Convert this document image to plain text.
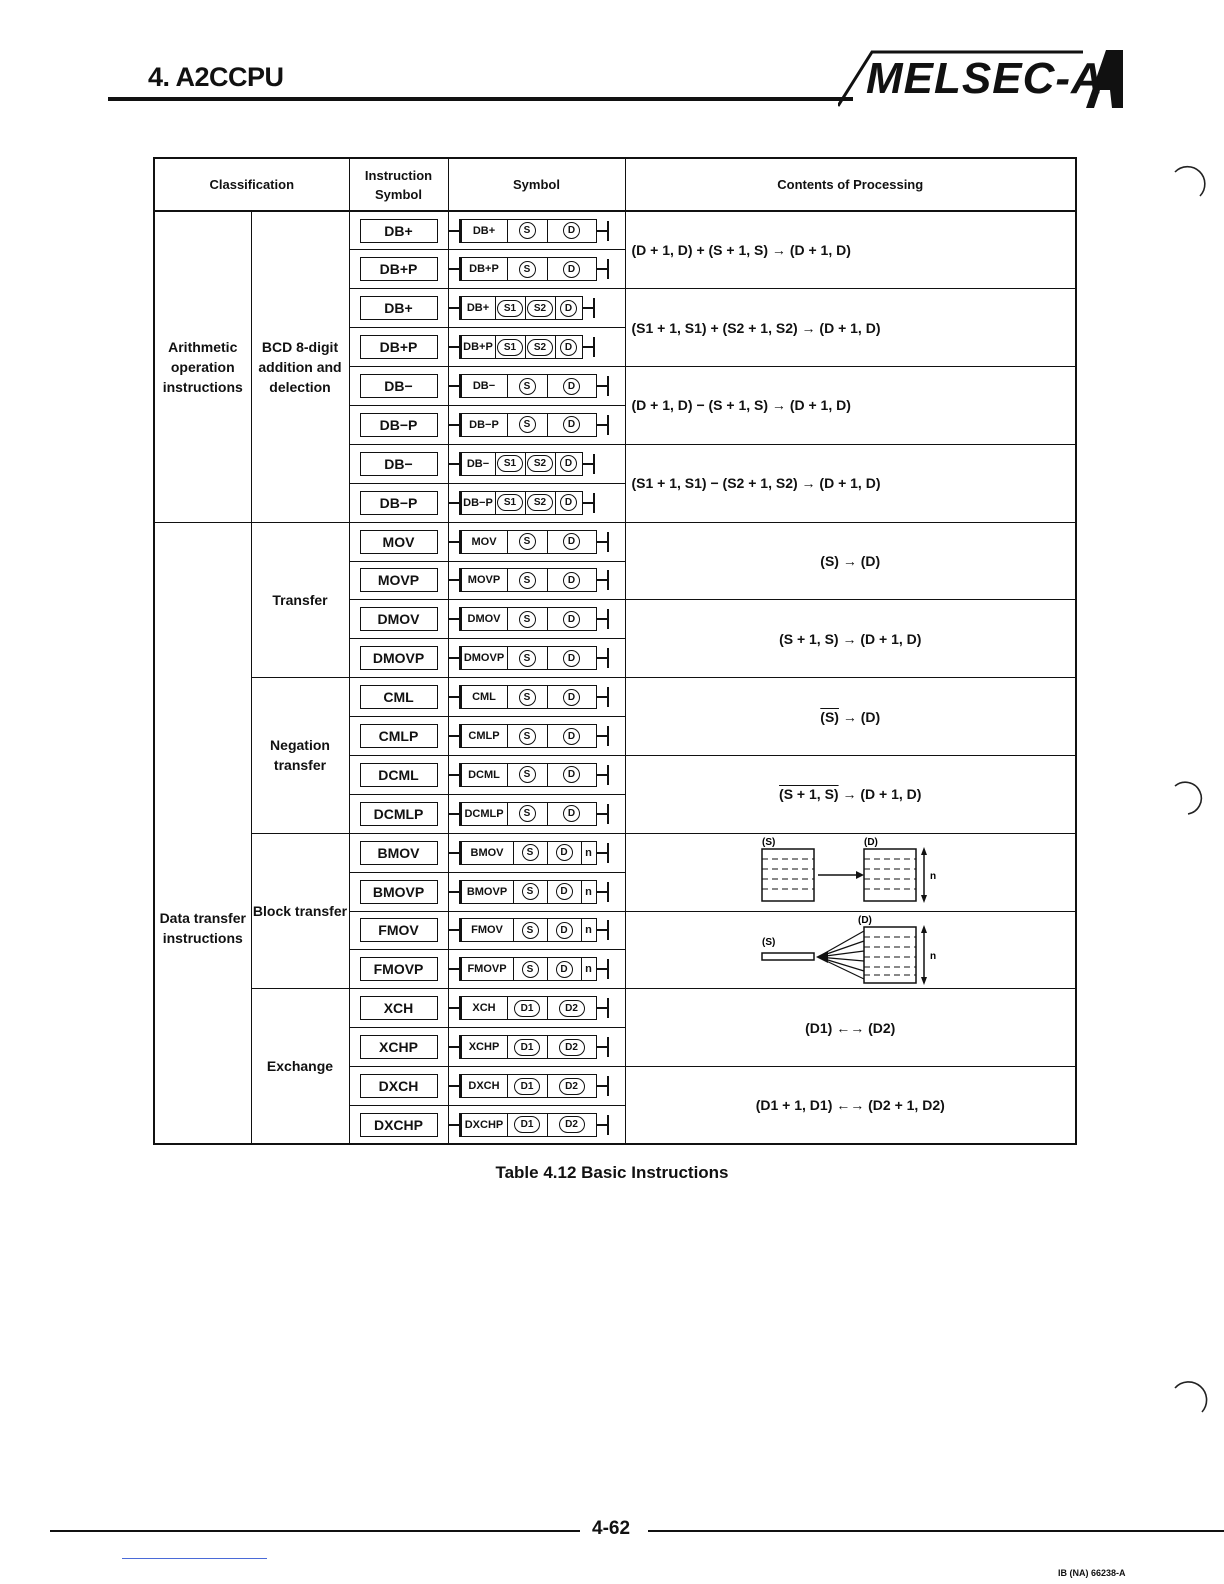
4. A2CCPU	MELSEC-A
Classification		Instruction Symbol	Symbol	Contents of Processing
Arithmetic operation instructions	BCD 8-digit addition and delection	DB+	DB+ S D	(D + 1, D) + (S + 1, S) → (D + 1, D)
		DB+P	DB+P S D	

		DB+	DB+ S1 S2 D	(S1 + 1, S1) + (S2 + 1, S2) → (D + 1, D)
		DB+P	DB+P S1 S2 D	

		DB−	DB− S D	(D + 1, D) − (S + 1, S) → (D + 1, D)
		DB−P	DB−P S D	

		DB−	DB− S1 S2 D	(S1 + 1, S1) − (S2 + 1, S2) → (D + 1, D)
		DB−P	DB−P S1 S2 D	

Data transfer instructions	Transfer	MOV	MOV S D	(S) → (D)
		MOVP	MOVP S D	

		DMOV	DMOV S D	(S + 1, S) → (D + 1, D)
		DMOVP	DMOVP S D	

	Negation transfer	CML	CML S D	(S) → (D)
		CMLP	CMLP S D	

		DCML	DCML S D	(S + 1, S) → (D + 1, D)
		DCMLP	DCMLP S D	

	Block transfer	BMOV	BMOV S D n	(S) (D)
n

		BMOVP	BMOVP S D n	

		FMOV	FMOV S D n	(D)
(S)
n

		FMOVP	FMOVP S D n	

	Exchange	XCH	XCH D1 D2	(D1) ←→ (D2)
		XCHP	XCHP D1 D2	

		DXCH	DXCH D1 D2	(D1 + 1, D1) ←→ (D2 + 1, D2)
		DXCHP	DXCHP D1 D2	
Table 4.12 Basic Instructions
4-62
IB (NA) 66238-A
